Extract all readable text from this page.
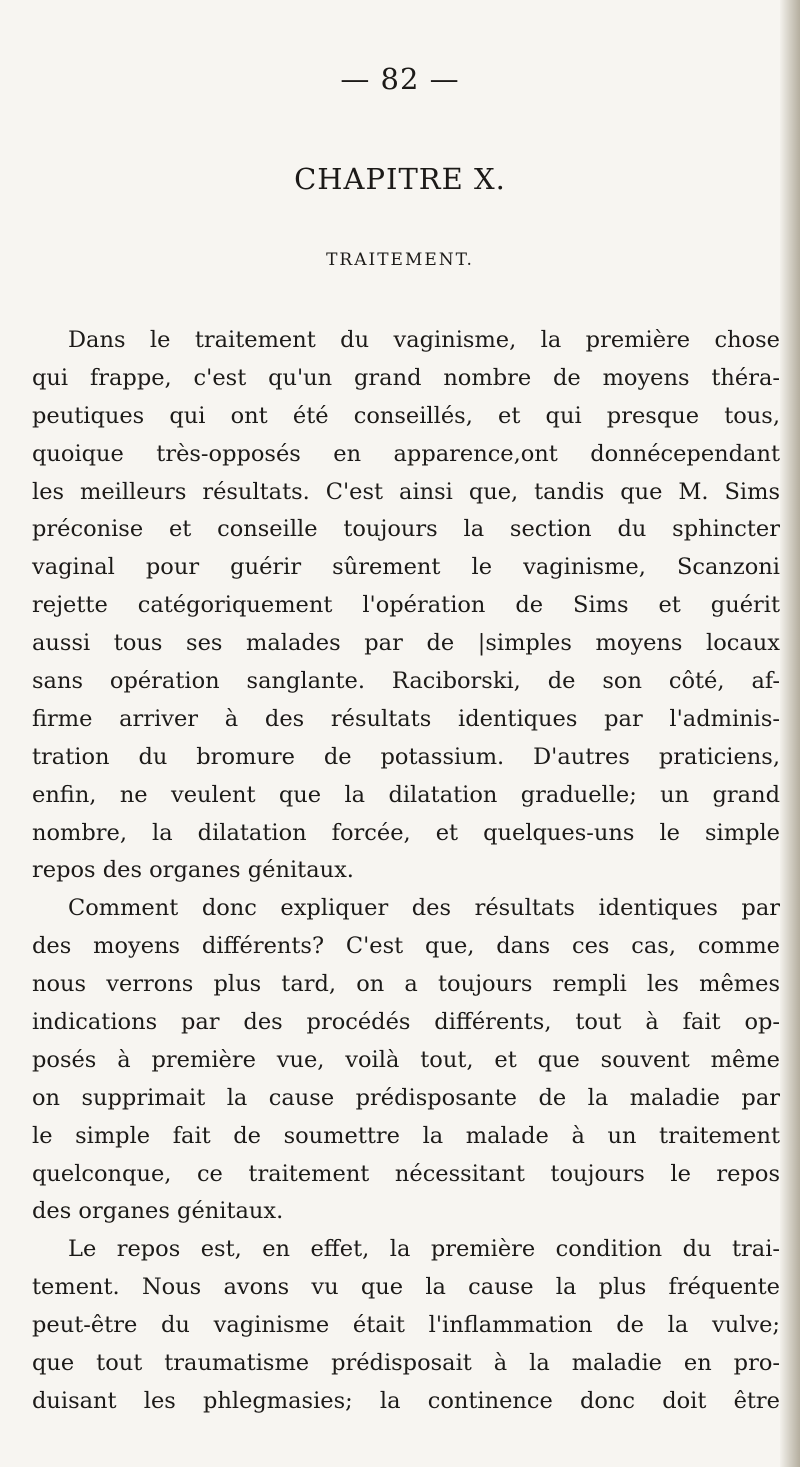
— 82 —
CHAPITRE X.
TRAITEMENT.
Dans le traitement du vaginisme, la première chose
qui frappe, c'est qu'un grand nombre de moyens théra-
peutiques qui ont été conseillés, et qui presque tous,
quoique très-opposés en apparence,ont donnécependant
les meilleurs résultats. C'est ainsi que, tandis que M. Sims
préconise et conseille toujours la section du sphincter
vaginal pour guérir sûrement le vaginisme, Scanzoni
rejette catégoriquement l'opération de Sims et guérit
aussi tous ses malades par de |simples moyens locaux
sans opération sanglante. Raciborski, de son côté, af-
firme arriver à des résultats identiques par l'adminis-
tration du bromure de potassium. D'autres praticiens,
enfin, ne veulent que la dilatation graduelle; un grand
nombre, la dilatation forcée, et quelques-uns le simple
repos des organes génitaux.
Comment donc expliquer des résultats identiques par
des moyens différents? C'est que, dans ces cas, comme
nous verrons plus tard, on a toujours rempli les mêmes
indications par des procédés différents, tout à fait op-
posés à première vue, voilà tout, et que souvent même
on supprimait la cause prédisposante de la maladie par
le simple fait de soumettre la malade à un traitement
quelconque, ce traitement nécessitant toujours le repos
des organes génitaux.
Le repos est, en effet, la première condition du trai-
tement. Nous avons vu que la cause la plus fréquente
peut-être du vaginisme était l'inflammation de la vulve;
que tout traumatisme prédisposait à la maladie en pro-
duisant les phlegmasies; la continence donc doit être
